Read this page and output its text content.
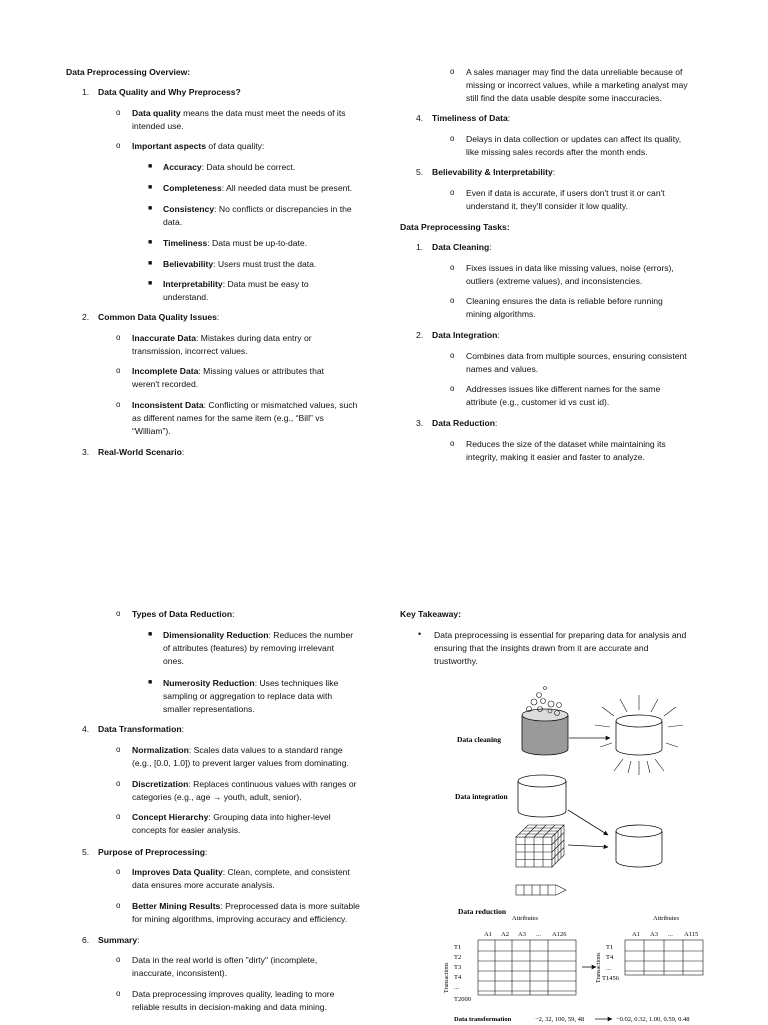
Data Preprocessing Overview:

1. Data Quality and Why Preprocess?
o Data quality means the data must meet the needs of its
intended use.
o Important aspects of data quality:
■ Accuracy: Data should be correct.
■ Completeness: All needed data must be present.
■ Consistency: No conflicts or discrepancies in the
data.
■ Timeliness: Data must be up-to-date.
■ Believability: Users must trust the data.
■ Interpretability: Data must be easy to
understand.
2. Common Data Quality Issues:
o Inaccurate Data: Mistakes during data entry or
transmission, incorrect values.
o Incomplete Data: Missing values or attributes that
weren't recorded.
o Inconsistent Data: Conflicting or mismatched values, such
as different names for the same item (e.g., “Bill” vs
“William”).
3. Real-World Scenario:
o A sales manager may find the data unreliable because of
missing or incorrect values, while a marketing analyst may
still find the data usable despite some inaccuracies.
4. Timeliness of Data:
o Delays in data collection or updates can affect its quality,
like missing sales records after the month ends.
5. Believability & Interpretability:
o Even if data is accurate, if users don't trust it or can't
understand it, they'll consider it low quality.

Data Preprocessing Tasks:

1. Data Cleaning:
o Fixes issues in data like missing values, noise (errors),
outliers (extreme values), and inconsistencies.
o Cleaning ensures the data is reliable before running
mining algorithms.
2. Data Integration:
o Combines data from multiple sources, ensuring consistent
names and values.
o Addresses issues like different names for the same
attribute (e.g., customer id vs cust id).
3. Data Reduction:
o Reduces the size of the dataset while maintaining its
integrity, making it easier and faster to analyze.
o Types of Data Reduction:
■ Dimensionality Reduction: Reduces the number
of attributes (features) by removing irrelevant
ones.
■ Numerosity Reduction: Uses techniques like
sampling or aggregation to replace data with
smaller representations.
4. Data Transformation:
o Normalization: Scales data values to a standard range
(e.g., [0.0, 1.0]) to prevent larger values from dominating.
o Discretization: Replaces continuous values with ranges or
categories (e.g., age → youth, adult, senior).
o Concept Hierarchy: Grouping data into higher-level
concepts for easier analysis.
5. Purpose of Preprocessing:
o Improves Data Quality: Clean, complete, and consistent
data ensures more accurate analysis.
o Better Mining Results: Preprocessed data is more suitable
for mining algorithms, improving accuracy and efficiency.
6. Summary:
o Data in the real world is often "dirty" (incomplete,
inaccurate, inconsistent).
o Data preprocessing improves quality, leading to more
reliable results in decision-making and data mining.

Key Takeaway:

• Data preprocessing is essential for preparing data for analysis and
ensuring that the insights drawn from it are accurate and
trustworthy.
Data cleaning
Data integration
Data reduction
Attributes	Attributes
A1 A2 A3 ... A126
T1
T2
T3
T4
...
T2000
Transactions
A1 A3 ... A115
T1
T4
...
T1456
Transactions
Data transformation	−2, 32, 100, 59, 48	−0.02, 0.32, 1.00, 0.59, 0.48
